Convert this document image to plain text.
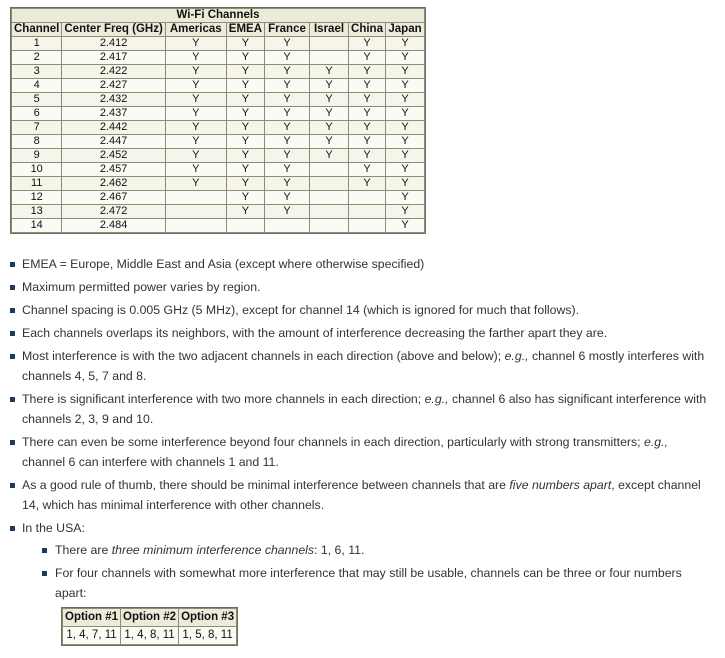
Wi-Fi Channels							
Channel	Center Freq (GHz)	Americas	EMEA	France	Israel	China	Japan
1	2.412	Y	Y	Y		Y	Y
2	2.417	Y	Y	Y		Y	Y
3	2.422	Y	Y	Y	Y	Y	Y
4	2.427	Y	Y	Y	Y	Y	Y
5	2.432	Y	Y	Y	Y	Y	Y
6	2.437	Y	Y	Y	Y	Y	Y
7	2.442	Y	Y	Y	Y	Y	Y
8	2.447	Y	Y	Y	Y	Y	Y
9	2.452	Y	Y	Y	Y	Y	Y
10	2.457	Y	Y	Y		Y	Y
11	2.462	Y	Y	Y		Y	Y
12	2.467		Y	Y			Y
13	2.472		Y	Y			Y
14	2.484						Y
EMEA = Europe, Middle East and Asia (except where otherwise specified)
Maximum permitted power varies by region.
Channel spacing is 0.005 GHz (5 MHz), except for channel 14 (which is ignored for much that follows).
Each channels overlaps its neighbors, with the amount of interference decreasing the farther apart they are.
Most interference is with the two adjacent channels in each direction (above and below); e.g., channel 6 mostly interferes with channels 4, 5, 7 and 8.
There is significant interference with two more channels in each direction; e.g., channel 6 also has significant interference with channels 2, 3, 9 and 10.
There can even be some interference beyond four channels in each direction, particularly with strong transmitters; e.g., channel 6 can interfere with channels 1 and 11.
As a good rule of thumb, there should be minimal interference between channels that are five numbers apart, except channel 14, which has minimal interference with other channels.
In the USA:
There are three minimum interference channels: 1, 6, 11.
For four channels with somewhat more interference that may still be usable, channels can be three or four numbers apart:
Option #1	Option #2	Option #3
1, 4, 7, 11	1, 4, 8, 11	1, 5, 8, 11
